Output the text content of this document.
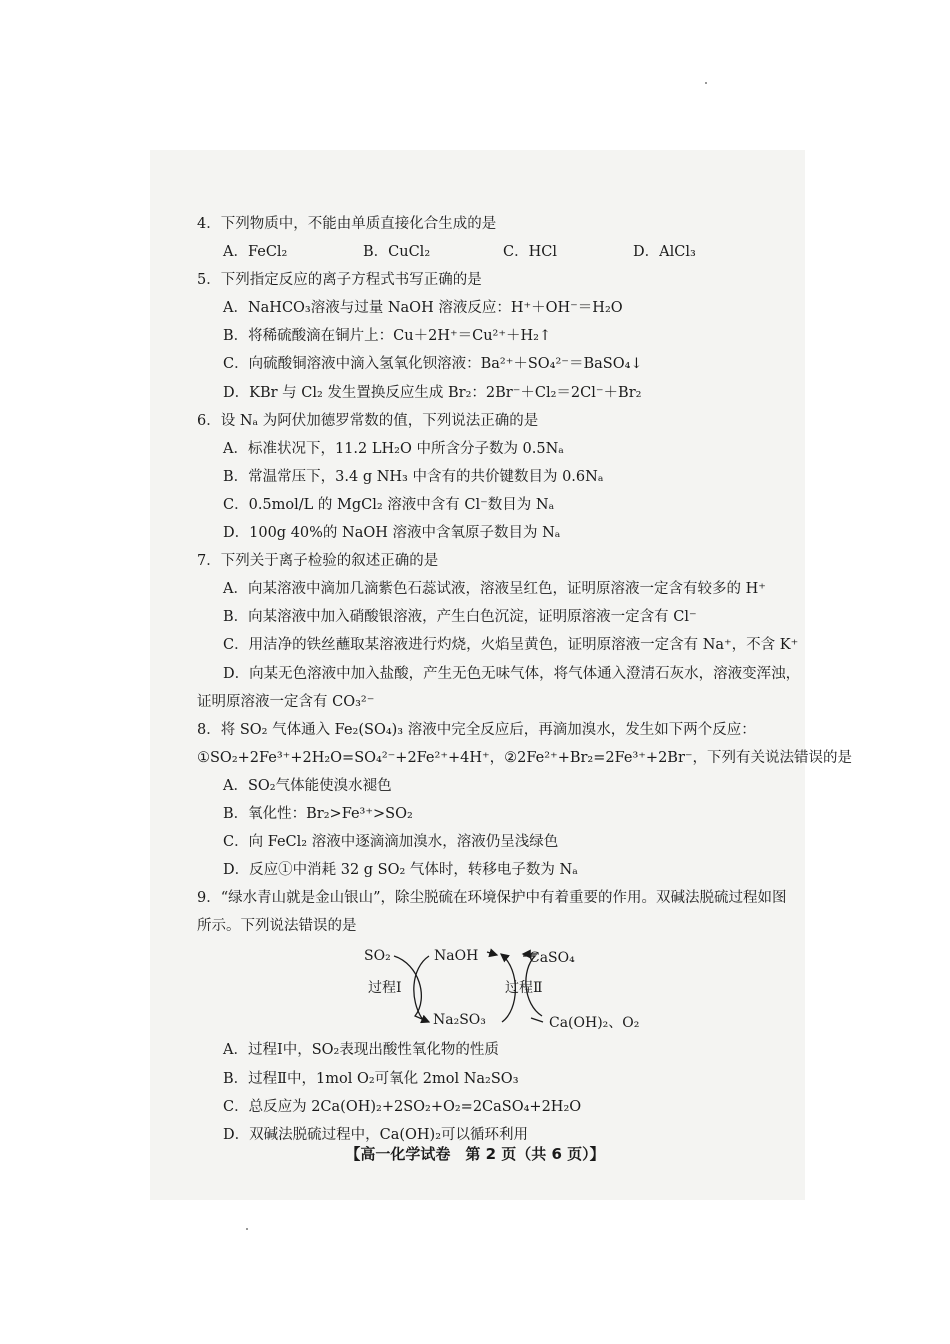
4．下列物质中，不能由单质直接化合生成的是

A．FeCl₂	B．CuCl₂	C．HCl	D．AlCl₃

5．下列指定反应的离子方程式书写正确的是

A．NaHCO₃溶液与过量 NaOH 溶液反应：H⁺＋OH⁻＝H₂O

B．将稀硫酸滴在铜片上：Cu＋2H⁺＝Cu²⁺＋H₂↑

C．向硫酸铜溶液中滴入氢氧化钡溶液：Ba²⁺＋SO₄²⁻＝BaSO₄↓

D．KBr 与 Cl₂ 发生置换反应生成 Br₂：2Br⁻＋Cl₂＝2Cl⁻＋Br₂

6．设 Nₐ 为阿伏加德罗常数的值，下列说法正确的是

A．标准状况下，11.2 LH₂O 中所含分子数为 0.5Nₐ

B．常温常压下，3.4 g NH₃ 中含有的共价键数目为 0.6Nₐ

C．0.5mol/L 的 MgCl₂ 溶液中含有 Cl⁻数目为 Nₐ

D．100g 40%的 NaOH 溶液中含氧原子数目为 Nₐ

7．下列关于离子检验的叙述正确的是

A．向某溶液中滴加几滴紫色石蕊试液，溶液呈红色，证明原溶液一定含有较多的 H⁺

B．向某溶液中加入硝酸银溶液，产生白色沉淀，证明原溶液一定含有 Cl⁻

C．用洁净的铁丝蘸取某溶液进行灼烧，火焰呈黄色，证明原溶液一定含有 Na⁺，不含 K⁺

D．向某无色溶液中加入盐酸，产生无色无味气体，将气体通入澄清石灰水，溶液变浑浊，

证明原溶液一定含有 CO₃²⁻

8．将 SO₂ 气体通入 Fe₂(SO₄)₃ 溶液中完全反应后，再滴加溴水，发生如下两个反应：

①SO₂+2Fe³⁺+2H₂O=SO₄²⁻+2Fe²⁺+4H⁺，②2Fe²⁺+Br₂=2Fe³⁺+2Br⁻，下列有关说法错误的是

A．SO₂气体能使溴水褪色

B．氧化性：Br₂>Fe³⁺>SO₂

C．向 FeCl₂ 溶液中逐滴滴加溴水，溶液仍呈浅绿色

D．反应①中消耗 32 g SO₂ 气体时，转移电子数为 Nₐ

9．“绿水青山就是金山银山”，除尘脱硫在环境保护中有着重要的作用。双碱法脱硫过程如图

所示。下列说法错误的是

SO₂	NaOH	CaSO₄
过程Ⅰ	过程Ⅱ
Na₂SO₃	Ca(OH)₂、O₂

A．过程Ⅰ中，SO₂表现出酸性氧化物的性质

B．过程Ⅱ中，1mol O₂可氧化 2mol Na₂SO₃

C．总反应为 2Ca(OH)₂+2SO₂+O₂=2CaSO₄+2H₂O

D．双碱法脱硫过程中，Ca(OH)₂可以循环利用

【高一化学试卷　第 2 页（共 6 页）】
